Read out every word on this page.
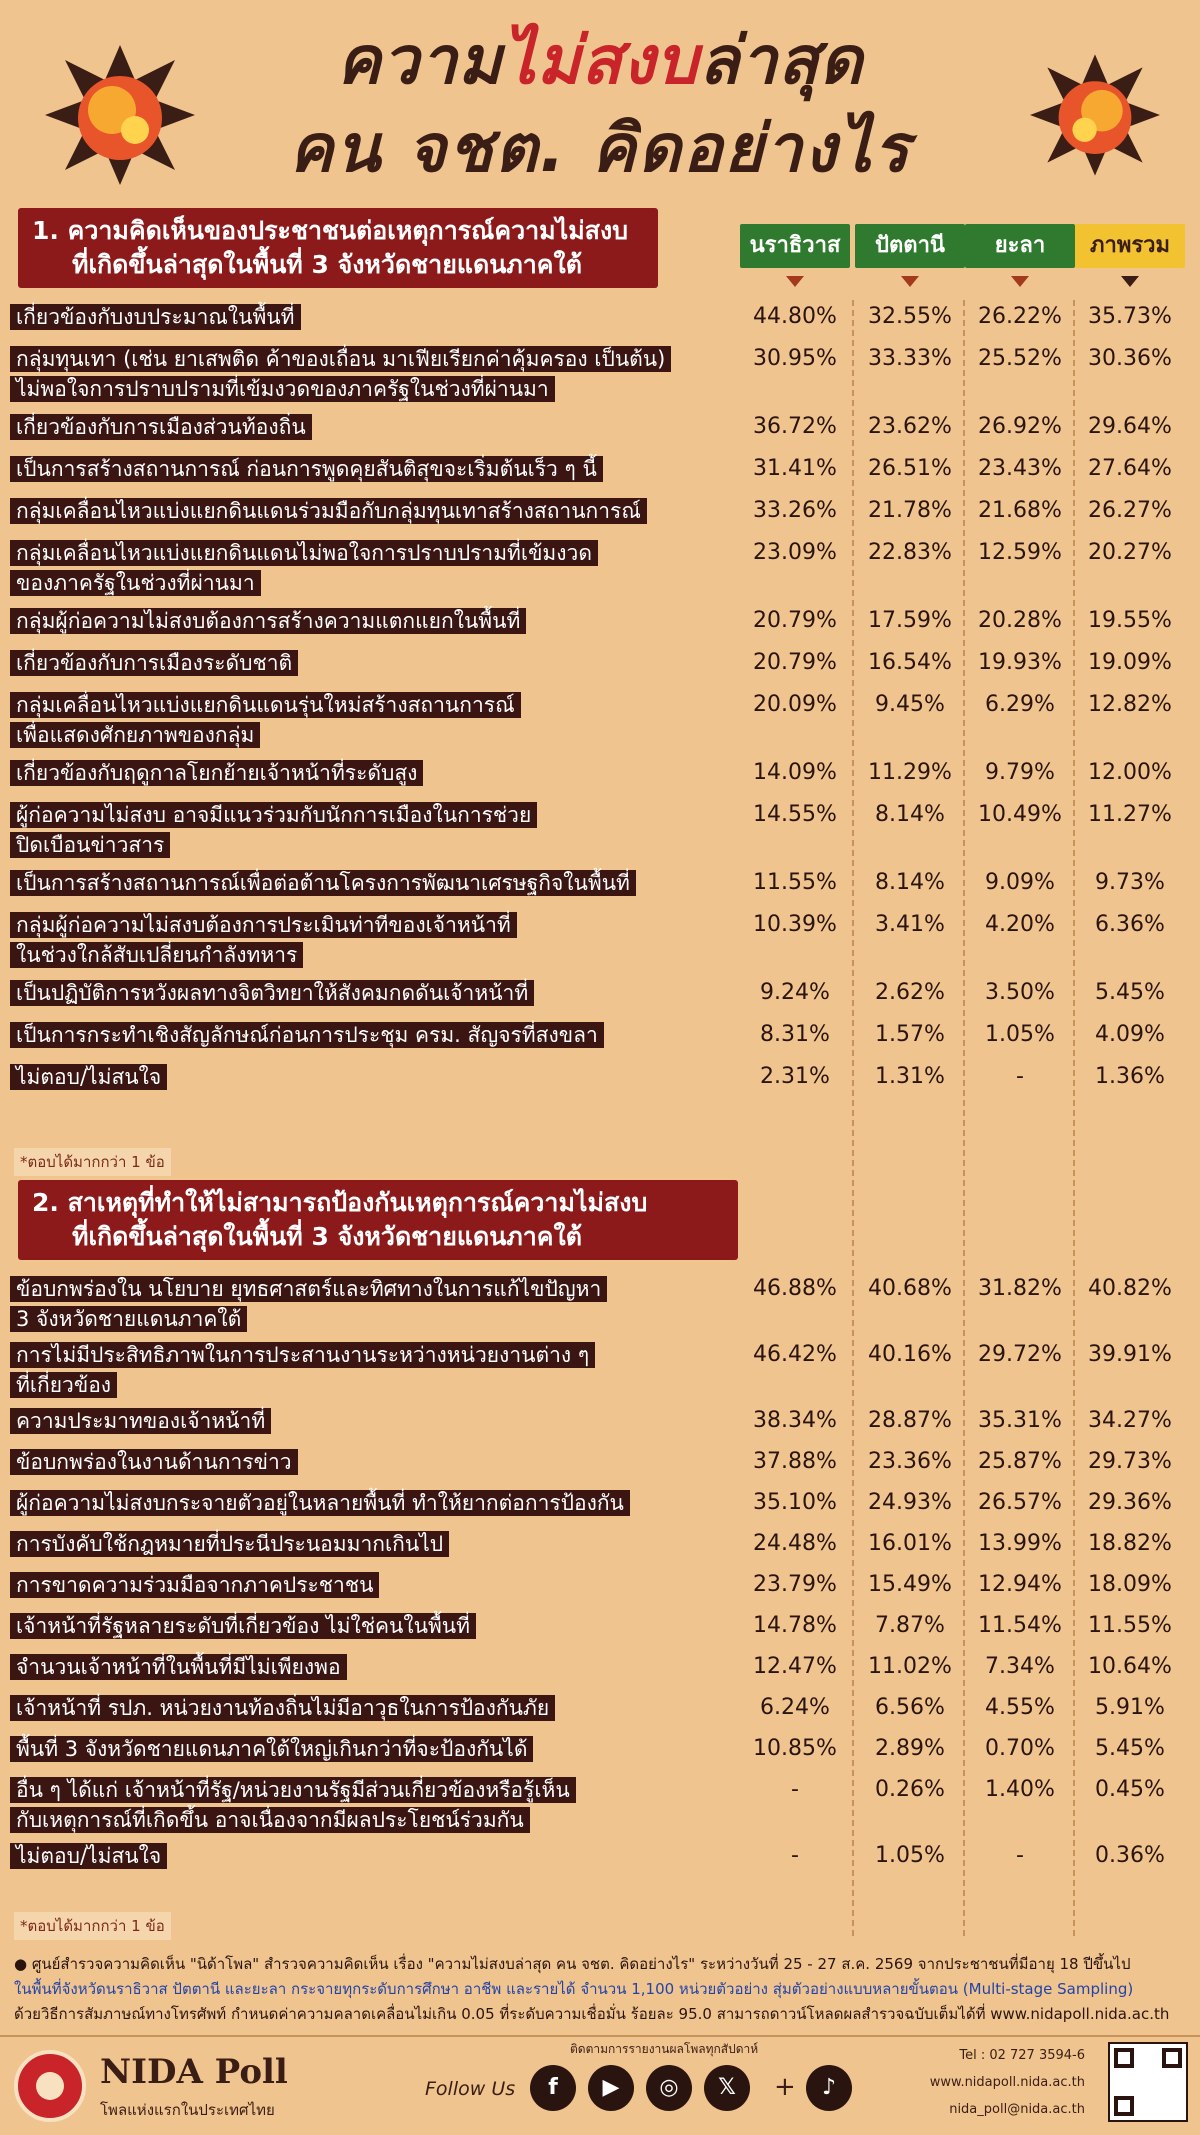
ความไม่สงบล่าสุด
คน จชต. คิดอย่างไร
1. ความคิดเห็นของประชาชนต่อเหตุการณ์ความไม่สงบ
ที่เกิดขึ้นล่าสุดในพื้นที่ 3 จังหวัดชายแดนภาคใต้
นราธิวาส	ปัตตานี	ยะลา	ภาพรวม
เกี่ยวข้องกับงบประมาณในพื้นที่	44.80%	32.55%	26.22%	35.73%
กลุ่มทุนเทา (เช่น ยาเสพติด ค้าของเถื่อน มาเฟียเรียกค่าคุ้มครอง เป็นต้น)
ไม่พอใจการปราบปรามที่เข้มงวดของภาครัฐในช่วงที่ผ่านมา
30.95%	33.33%	25.52%	30.36%
เกี่ยวข้องกับการเมืองส่วนท้องถิ่น	36.72%	23.62%	26.92%	29.64%
เป็นการสร้างสถานการณ์ ก่อนการพูดคุยสันติสุขจะเริ่มต้นเร็ว ๆ นี้	31.41%	26.51%	23.43%	27.64%
กลุ่มเคลื่อนไหวแบ่งแยกดินแดนร่วมมือกับกลุ่มทุนเทาสร้างสถานการณ์	33.26%	21.78%	21.68%	26.27%
กลุ่มเคลื่อนไหวแบ่งแยกดินแดนไม่พอใจการปราบปรามที่เข้มงวด
ของภาครัฐในช่วงที่ผ่านมา
23.09%	22.83%	12.59%	20.27%
กลุ่มผู้ก่อความไม่สงบต้องการสร้างความแตกแยกในพื้นที่	20.79%	17.59%	20.28%	19.55%
เกี่ยวข้องกับการเมืองระดับชาติ	20.79%	16.54%	19.93%	19.09%
กลุ่มเคลื่อนไหวแบ่งแยกดินแดนรุ่นใหม่สร้างสถานการณ์
เพื่อแสดงศักยภาพของกลุ่ม
20.09%	9.45%	6.29%	12.82%
เกี่ยวข้องกับฤดูกาลโยกย้ายเจ้าหน้าที่ระดับสูง	14.09%	11.29%	9.79%	12.00%
ผู้ก่อความไม่สงบ อาจมีแนวร่วมกับนักการเมืองในการช่วย
ปิดเบือนข่าวสาร
14.55%	8.14%	10.49%	11.27%
เป็นการสร้างสถานการณ์เพื่อต่อต้านโครงการพัฒนาเศรษฐกิจในพื้นที่	11.55%	8.14%	9.09%	9.73%
กลุ่มผู้ก่อความไม่สงบต้องการประเมินท่าทีของเจ้าหน้าที่
ในช่วงใกล้สับเปลี่ยนกำลังทหาร
10.39%	3.41%	4.20%	6.36%
เป็นปฏิบัติการหวังผลทางจิตวิทยาให้สังคมกดดันเจ้าหน้าที่	9.24%	2.62%	3.50%	5.45%
เป็นการกระทำเชิงสัญลักษณ์ก่อนการประชุม ครม. สัญจรที่สงขลา	8.31%	1.57%	1.05%	4.09%
ไม่ตอบ/ไม่สนใจ	2.31%	1.31%	-	1.36%
*ตอบได้มากกว่า 1 ข้อ
2. สาเหตุที่ทำให้ไม่สามารถป้องกันเหตุการณ์ความไม่สงบ
ที่เกิดขึ้นล่าสุดในพื้นที่ 3 จังหวัดชายแดนภาคใต้
ข้อบกพร่องใน นโยบาย ยุทธศาสตร์และทิศทางในการแก้ไขปัญหา
3 จังหวัดชายแดนภาคใต้
46.88%	40.68%	31.82%	40.82%
การไม่มีประสิทธิภาพในการประสานงานระหว่างหน่วยงานต่าง ๆ
ที่เกี่ยวข้อง
46.42%	40.16%	29.72%	39.91%
ความประมาทของเจ้าหน้าที่	38.34%	28.87%	35.31%	34.27%
ข้อบกพร่องในงานด้านการข่าว	37.88%	23.36%	25.87%	29.73%
ผู้ก่อความไม่สงบกระจายตัวอยู่ในหลายพื้นที่ ทำให้ยากต่อการป้องกัน	35.10%	24.93%	26.57%	29.36%
การบังคับใช้กฎหมายที่ประนีประนอมมากเกินไป	24.48%	16.01%	13.99%	18.82%
การขาดความร่วมมือจากภาคประชาชน	23.79%	15.49%	12.94%	18.09%
เจ้าหน้าที่รัฐหลายระดับที่เกี่ยวข้อง ไม่ใช่คนในพื้นที่	14.78%	7.87%	11.54%	11.55%
จำนวนเจ้าหน้าที่ในพื้นที่มีไม่เพียงพอ	12.47%	11.02%	7.34%	10.64%
เจ้าหน้าที่ รปภ. หน่วยงานท้องถิ่นไม่มีอาวุธในการป้องกันภัย	6.24%	6.56%	4.55%	5.91%
พื้นที่ 3 จังหวัดชายแดนภาคใต้ใหญ่เกินกว่าที่จะป้องกันได้	10.85%	2.89%	0.70%	5.45%
อื่น ๆ ได้แก่ เจ้าหน้าที่รัฐ/หน่วยงานรัฐมีส่วนเกี่ยวข้องหรือรู้เห็น
กับเหตุการณ์ที่เกิดขึ้น อาจเนื่องจากมีผลประโยชน์ร่วมกัน
-	0.26%	1.40%	0.45%
ไม่ตอบ/ไม่สนใจ	-	1.05%	-	0.36%
*ตอบได้มากกว่า 1 ข้อ
● ศูนย์สำรวจความคิดเห็น "นิด้าโพล" สำรวจความคิดเห็น เรื่อง "ความไม่สงบล่าสุด คน จชต. คิดอย่างไร" ระหว่างวันที่ 25 - 27 ส.ค. 2569 จากประชาชนที่มีอายุ 18 ปีขึ้นไป
ในพื้นที่จังหวัดนราธิวาส ปัตตานี และยะลา กระจายทุกระดับการศึกษา อาชีพ และรายได้ จำนวน 1,100 หน่วยตัวอย่าง สุ่มตัวอย่างแบบหลายขั้นตอน (Multi-stage Sampling)
ด้วยวิธีการสัมภาษณ์ทางโทรศัพท์ กำหนดค่าความคลาดเคลื่อนไม่เกิน 0.05 ที่ระดับความเชื่อมั่น ร้อยละ 95.0 สามารถดาวน์โหลดผลสำรวจฉบับเต็มได้ที่ www.nidapoll.nida.ac.th
NIDA Poll
โพลแห่งแรกในประเทศไทย
ติดตามการรายงานผลโพลทุกสัปดาห์
Follow Us	f	▶	◎	𝕏	+	♪
Tel : 02 727 3594-6
www.nidapoll.nida.ac.th
nida_poll@nida.ac.th
